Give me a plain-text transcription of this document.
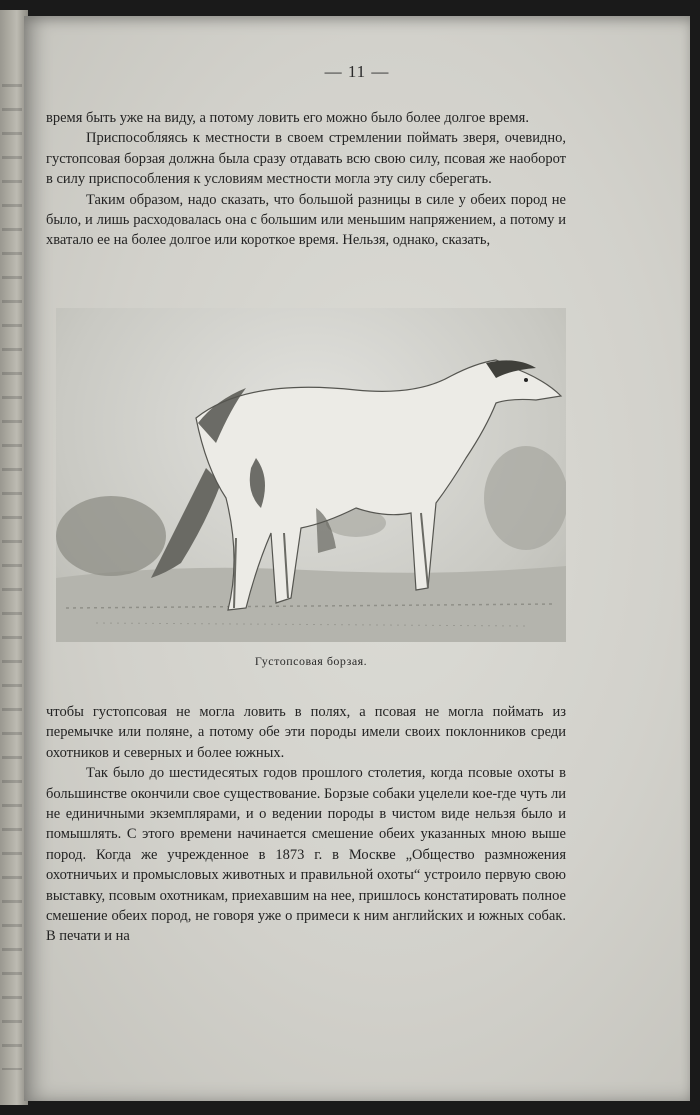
— 11 —

время быть уже на виду, а потому ловить его можно было более долгое время.

Приспособляясь к местности в своем стремлении поймать зверя, очевидно, густопсовая борзая должна была сразу отдавать всю свою силу, псовая же наоборот в силу приспособления к условиям местности могла эту силу сберегать.

Таким образом, надо сказать, что большой разницы в силе у обеих пород не было, и лишь расходовалась она с большим или меньшим напряжением, а потому и хватало ее на более долгое или короткое время. Нельзя, однако, сказать,

Густопсовая борзая.

чтобы густопсовая не могла ловить в полях, а псовая не могла поймать из перемычке или поляне, а потому обе эти породы имели своих поклонников среди охотников и северных и более южных.

Так было до шестидесятых годов прошлого столетия, когда псовые охоты в большинстве окончили свое существование. Борзые собаки уцелели кое-где чуть ли не единичными экземплярами, и о ведении породы в чистом виде нельзя было и помышлять. С этого времени начинается смешение обеих указанных мною выше пород. Когда же учрежденное в 1873 г. в Москве „Общество размножения охотничьих и промысловых животных и правильной охоты“ устроило первую свою выставку, псовым охотникам, приехавшим на нее, пришлось констатировать полное смешение обеих пород, не говоря уже о примеси к ним английских и южных собак. В печати и на
